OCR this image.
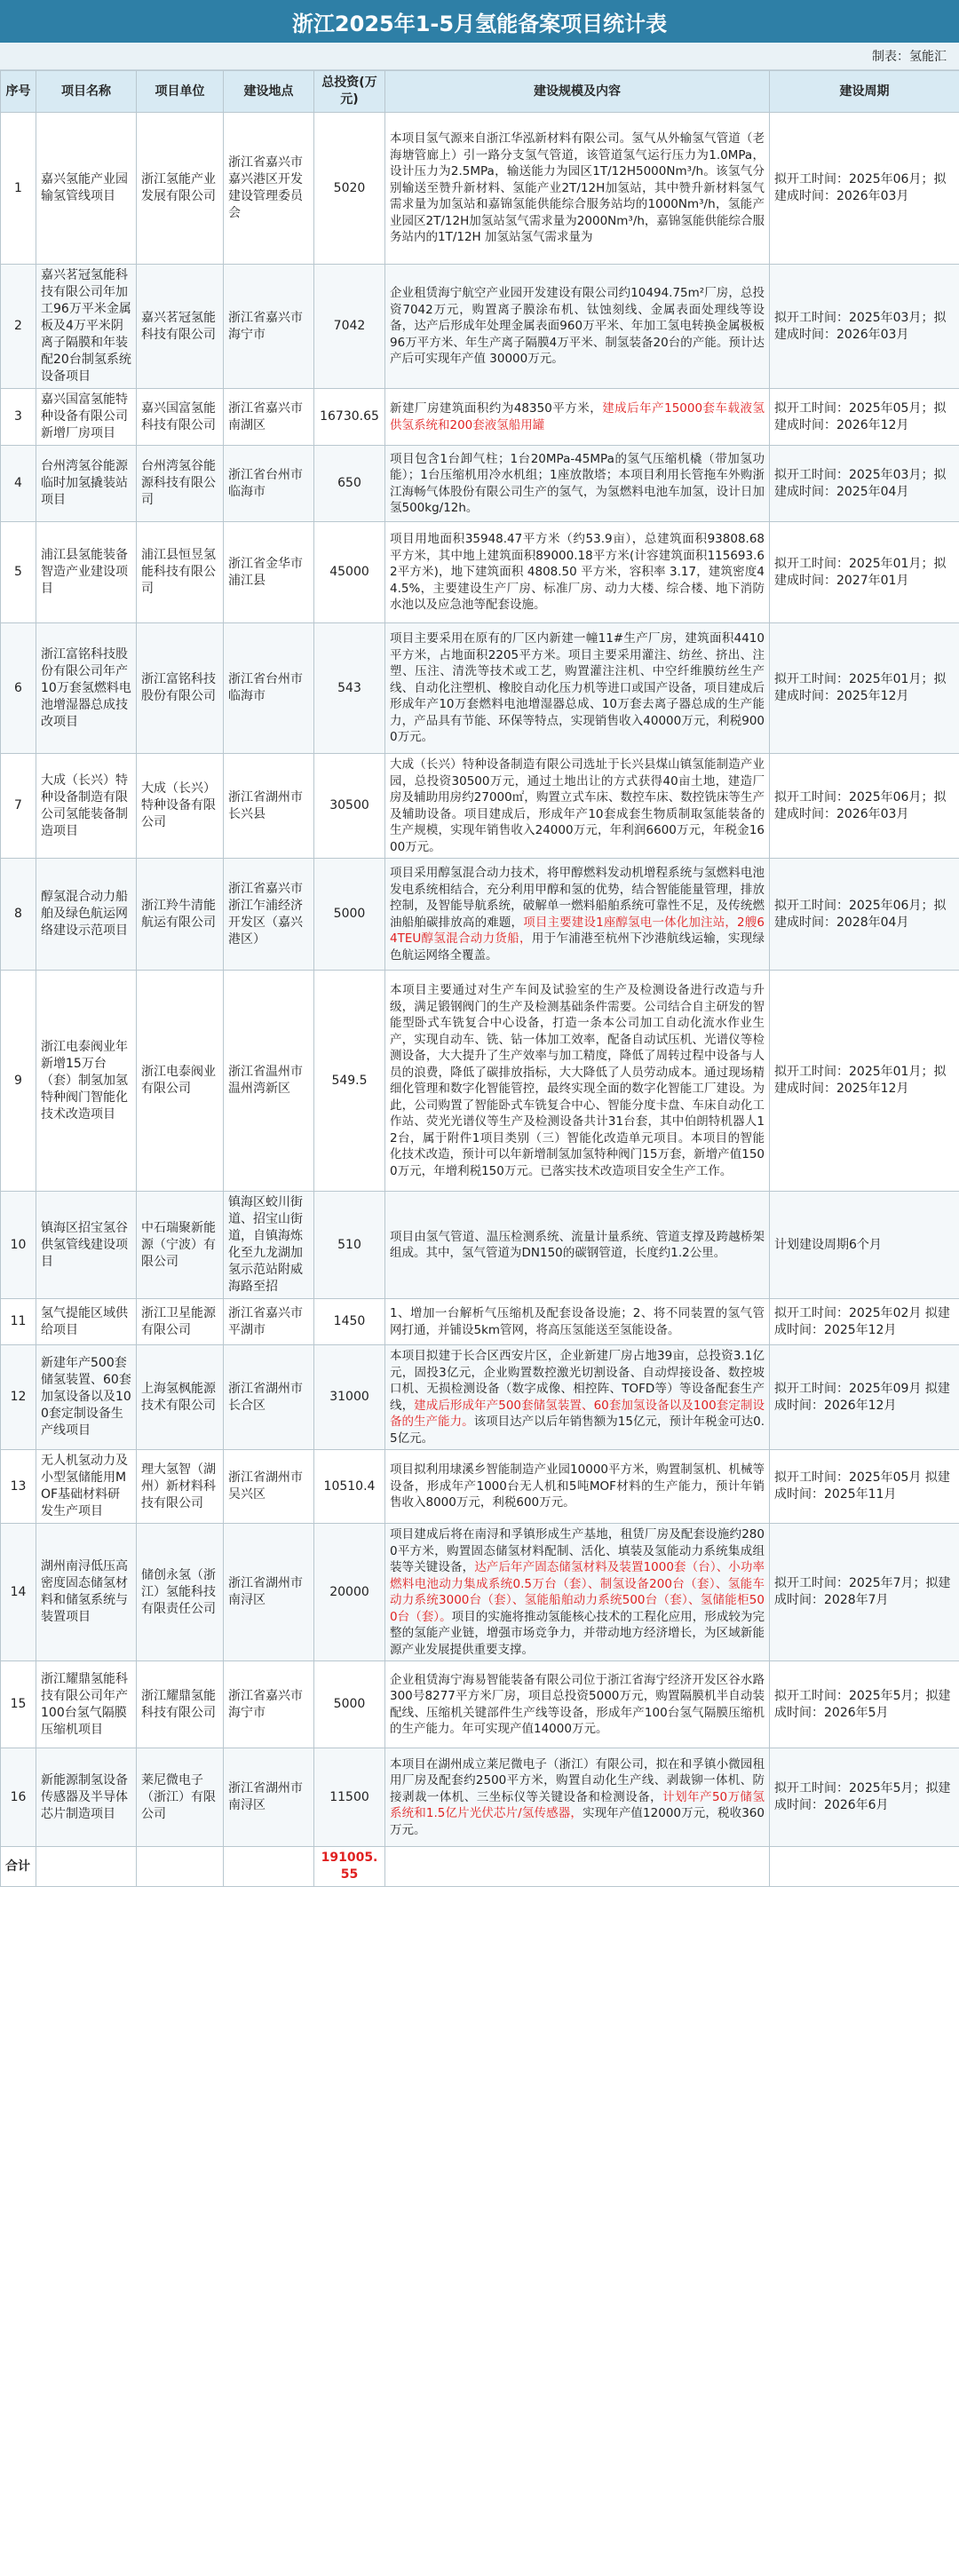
浙江2025年1-5月氢能备案项目统计表
制表：氢能汇
序号	项目名称	项目单位	建设地点	总投资(万元)	建设规模及内容	建设周期
1	嘉兴氢能产业园输氢管线项目	浙江氢能产业发展有限公司	浙江省嘉兴市嘉兴港区开发建设管理委员会	5020	本项目氢气源来自浙江华泓新材料有限公司。氢气从外输氢气管道（老海塘管廊上）引一路分支氢气管道，该管道氢气运行压力为1.0MPa，设计压力为2.5MPa，输送能力为园区1T/12H5000Nm³/h。该氢气分别输送至赞升新材料、氢能产业2T/12H加氢站，其中赞升新材料氢气需求量为加氢站和嘉锦氢能供能综合服务站均的1000Nm³/h，氢能产业园区2T/12H加氢站氢气需求量为2000Nm³/h，嘉锦氢能供能综合服务站内的1T/12H 加氢站氢气需求量为	拟开工时间：2025年06月；拟建成时间：2026年03月
2	嘉兴茗冠氢能科技有限公司年加工96万平米金属板及4万平米阴离子隔膜和年装配20台制氢系统设备项目	嘉兴茗冠氢能科技有限公司	浙江省嘉兴市海宁市	7042	企业租赁海宁航空产业园开发建设有限公司约10494.75m²厂房，总投资7042万元，购置离子膜涂布机、钛蚀刻线、金属表面处理线等设备，达产后形成年处理金属表面960万平米、年加工氢电转换金属极板 96万平方米、年生产离子隔膜4万平米、制氢装备20台的产能。预计达产后可实现年产值 30000万元。	拟开工时间：2025年03月；拟建成时间：2026年03月
3	嘉兴国富氢能特种设备有限公司新增厂房项目	嘉兴国富氢能科技有限公司	浙江省嘉兴市南湖区	16730.65	新建厂房建筑面积约为48350平方米，建成后年产15000套车载液氢供氢系统和200套液氢船用罐	拟开工时间：2025年05月；拟建成时间：2026年12月
4	台州湾氢谷能源临时加氢撬装站项目	台州湾氢谷能源科技有限公司	浙江省台州市临海市	650	项目包含1台卸气柱；1台20MPa-45MPa的氢气压缩机橇（带加氢功能）；1台压缩机用冷水机组；1座放散塔；本项目利用长管拖车外购浙江海畅气体股份有限公司生产的氢气，为氢燃料电池车加氢，设计日加氢500kg/12h。	拟开工时间：2025年03月；拟建成时间：2025年04月
5	浦江县氢能装备智造产业建设项目	浦江县恒昱氢能科技有限公司	浙江省金华市浦江县	45000	项目用地面积35948.47平方米（约53.9亩），总建筑面积93808.68平方米，其中地上建筑面积89000.18平方米(计容建筑面积115693.62平方米)，地下建筑面积 4808.50 平方米，容积率 3.17，建筑密度44.5%，主要建设生产厂房、标准厂房、动力大楼、综合楼、地下消防水池以及应急池等配套设施。	拟开工时间：2025年01月；拟建成时间：2027年01月
6	浙江富铭科技股份有限公司年产10万套氢燃料电池增湿器总成技改项目	浙江富铭科技股份有限公司	浙江省台州市临海市	543	项目主要采用在原有的厂区内新建一幢11#生产厂房，建筑面积4410平方米，占地面积2205平方米。项目主要采用灌注、纺丝、挤出、注塑、压注、清洗等技术或工艺，购置灌注注机、中空纤维膜纺丝生产线、自动化注塑机、橡胶自动化压力机等进口或国产设备，项目建成后形成年产10万套燃料电池增湿器总成、10万套去离子器总成的生产能力，产品具有节能、环保等特点，实现销售收入40000万元，利税9000万元。	拟开工时间：2025年01月；拟建成时间：2025年12月
7	大成（长兴）特种设备制造有限公司氢能装备制造项目	大成（长兴）特种设备有限公司	浙江省湖州市长兴县	30500	大成（长兴）特种设备制造有限公司选址于长兴县煤山镇氢能制造产业园，总投资30500万元，通过土地出让的方式获得40亩土地，建造厂房及辅助用房约27000㎡，购置立式车床、数控车床、数控铣床等生产及辅助设备。项目建成后，形成年产10套成套生物质制取氢能装备的生产规模，实现年销售收入24000万元，年利润6600万元，年税金1600万元。	拟开工时间：2025年06月；拟建成时间：2026年03月
8	醇氢混合动力船舶及绿色航运网络建设示范项目	浙江羚牛清能航运有限公司	浙江省嘉兴市浙江乍浦经济开发区（嘉兴港区）	5000	项目采用醇氢混合动力技术，将甲醇燃料发动机增程系统与氢燃料电池发电系统相结合，充分利用甲醇和氢的优势，结合智能能量管理，排放控制，及智能导航系统，破解单一燃料船舶系统可靠性不足，及传统燃油船舶碳排放高的难题，项目主要建设1座醇氢电一体化加注站，2艘64TEU醇氢混合动力货船，用于乍浦港至杭州下沙港航线运输，实现绿色航运网络全覆盖。	拟开工时间：2025年06月；拟建成时间：2028年04月
9	浙江电泰阀业年新增15万台（套）制氢加氢特种阀门智能化技术改造项目	浙江电泰阀业有限公司	浙江省温州市温州湾新区	549.5	本项目主要通过对生产车间及试验室的生产及检测设备进行改造与升级，满足锻钢阀门的生产及检测基础条件需要。公司结合自主研发的智能型卧式车铣复合中心设备，打造一条本公司加工自动化流水作业生产，实现自动车、铣、钻一体加工效率，配备自动试压机、光谱仪等检测设备，大大提升了生产效率与加工精度，降低了周转过程中设备与人员的浪费，降低了碳排放指标，大大降低了人员劳动成本。通过现场精细化管理和数字化智能管控，最终实现全面的数字化智能工厂建设。为此，公司购置了智能卧式车铣复合中心、智能分度卡盘、车床自动化工作站、荧光光谱仪等生产及检测设备共计31台套，其中伯朗特机器人12台，属于附件1项目类别（三）智能化改造单元项目。本项目的智能化技术改造，预计可以年新增制氢加氢特种阀门15万套，新增产值1500万元，年增利税150万元。已落实技术改造项目安全生产工作。	拟开工时间：2025年01月；拟建成时间：2025年12月
10	镇海区招宝氢谷供氢管线建设项目	中石瑞聚新能源（宁波）有限公司	镇海区蛟川街道、招宝山街道，自镇海炼化至九龙湖加氢示范站附威海路至招	510	项目由氢气管道、温压检测系统、流量计量系统、管道支撑及跨越桥架组成。其中，氢气管道为DN150的碳钢管道，长度约1.2公里。	计划建设周期6个月
11	氢气提能区域供给项目	浙江卫星能源有限公司	浙江省嘉兴市平湖市	1450	1、增加一台解析气压缩机及配套设备设施；2、将不同装置的氢气管网打通，并铺设5km管网，将高压氢能送至氢能设备。	拟开工时间：2025年02月 拟建成时间：2025年12月
12	新建年产500套储氢装置、60套加氢设备以及100套定制设备生产线项目	上海氢枫能源技术有限公司	浙江省湖州市长合区	31000	本项目拟建于长合区西安片区，企业新建厂房占地39亩，总投资3.1亿元，固投3亿元，企业购置数控激光切割设备、自动焊接设备、数控坡口机、无损检测设备（数字成像、相控阵、TOFD等）等设备配套生产线，建成后形成年产500套储氢装置、60套加氢设备以及100套定制设备的生产能力。该项目达产以后年销售额为15亿元，预计年税金可达0.5亿元。	拟开工时间：2025年09月 拟建成时间：2026年12月
13	无人机氢动力及小型氢储能用MOF基础材料研发生产项目	理大氢智（湖州）新材料科技有限公司	浙江省湖州市吴兴区	10510.4	项目拟利用埭溪乡智能制造产业园10000平方米，购置制氢机、机械等设备，形成年产1000台无人机和5吨MOF材料的生产能力，预计年销售收入8000万元，利税600万元。	拟开工时间：2025年05月 拟建成时间：2025年11月
14	湖州南浔低压高密度固态储氢材料和储氢系统与装置项目	储创永氢（浙江）氢能科技有限责任公司	浙江省湖州市南浔区	20000	项目建成后将在南浔和孚镇形成生产基地，租赁厂房及配套设施约2800平方米，购置固态储氢材料配制、活化、填装及氢能动力系统集成组装等关键设备，达产后年产固态储氢材料及装置1000套（台）、小功率燃料电池动力集成系统0.5万台（套）、制氢设备200台（套）、氢能车动力系统3000台（套）、氢能船舶动力系统500台（套）、氢储能柜500台（套）。项目的实施将推动氢能核心技术的工程化应用，形成较为完整的氢能产业链，增强市场竞争力，并带动地方经济增长，为区域新能源产业发展提供重要支撑。	拟开工时间：2025年7月；拟建成时间：2028年7月
15	浙江耀鼎氢能科技有限公司年产100台氢气隔膜压缩机项目	浙江耀鼎氢能科技有限公司	浙江省嘉兴市海宁市	5000	企业租赁海宁海易智能装备有限公司位于浙江省海宁经济开发区谷水路300号8277平方米厂房，项目总投资5000万元，购置隔膜机半自动装配线、压缩机关键部件生产线等设备，形成年产100台氢气隔膜压缩机的生产能力。年可实现产值14000万元。	拟开工时间：2025年5月；拟建成时间：2026年5月
16	新能源制氢设备传感器及半导体芯片制造项目	莱尼微电子（浙江）有限公司	浙江省湖州市南浔区	11500	本项目在湖州成立莱尼微电子（浙江）有限公司，拟在和孚镇小微园租用厂房及配套约2500平方米，购置自动化生产线、剥裁铆一体机、防接剥裁一体机、三坐标仪等关键设备和检测设备，计划年产50万储氢系统和1.5亿片光伏芯片/氢传感器，实现年产值12000万元，税收360万元。	拟开工时间：2025年5月；拟建成时间：2026年6月
合计				191005.55		
